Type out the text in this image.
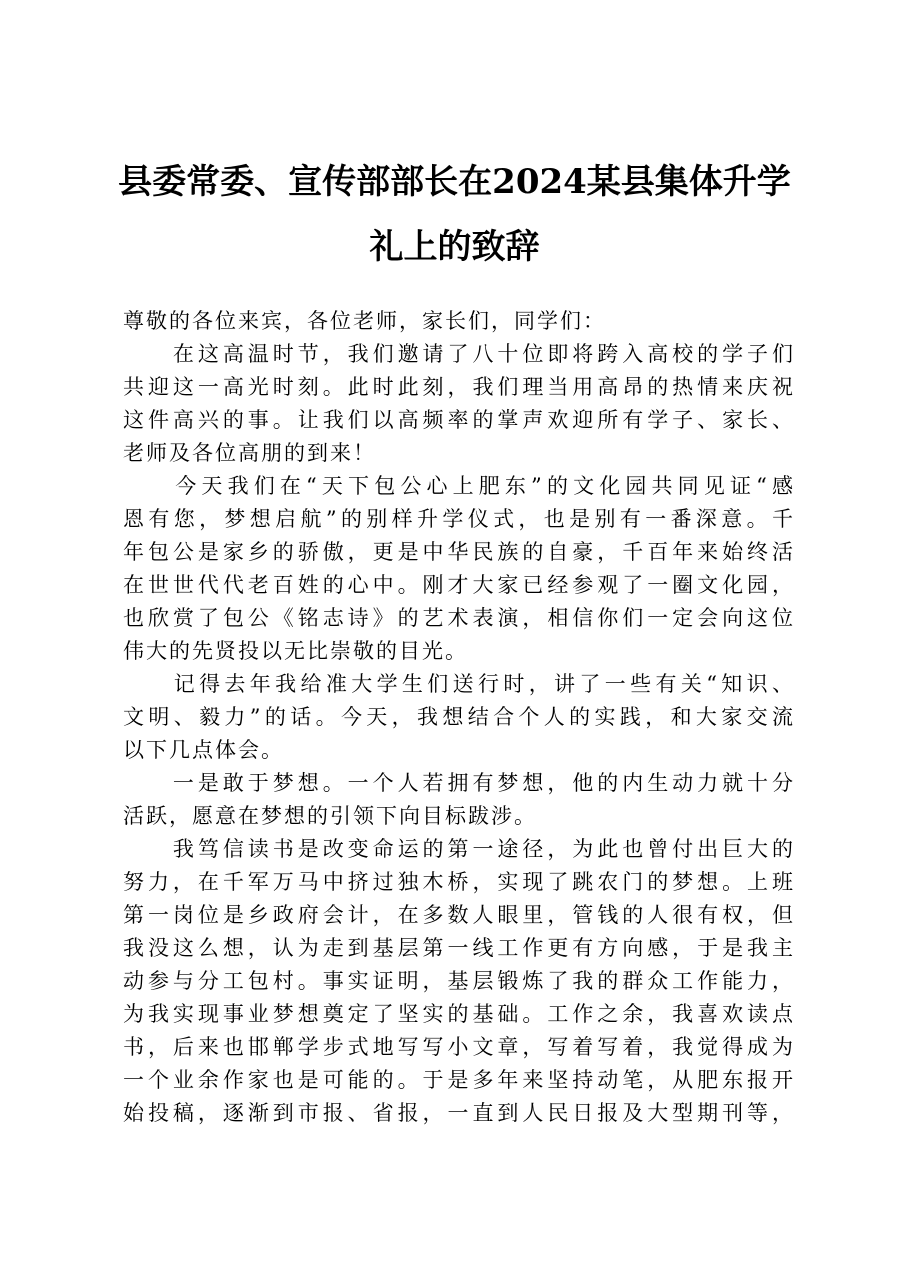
县委常委、宣传部部长在2024某县集体升学
礼上的致辞
尊敬的各位来宾，各位老师，家长们，同学们：
　　在这高温时节，我们邀请了八十位即将跨入高校的学子们
共迎这一高光时刻。此时此刻，我们理当用高昂的热情来庆祝
这件高兴的事。让我们以高频率的掌声欢迎所有学子、家长、
老师及各位高朋的到来！
　　今天我们在“天下包公心上肥东”的文化园共同见证“感
恩有您，梦想启航”的别样升学仪式，也是别有一番深意。千
年包公是家乡的骄傲，更是中华民族的自豪，千百年来始终活
在世世代代老百姓的心中。刚才大家已经参观了一圈文化园，
也欣赏了包公《铭志诗》的艺术表演，相信你们一定会向这位
伟大的先贤投以无比崇敬的目光。
　　记得去年我给准大学生们送行时，讲了一些有关“知识、
文明、毅力”的话。今天，我想结合个人的实践，和大家交流
以下几点体会。
　　一是敢于梦想。一个人若拥有梦想，他的内生动力就十分
活跃，愿意在梦想的引领下向目标跋涉。
　　我笃信读书是改变命运的第一途径，为此也曾付出巨大的
努力，在千军万马中挤过独木桥，实现了跳农门的梦想。上班
第一岗位是乡政府会计，在多数人眼里，管钱的人很有权，但
我没这么想，认为走到基层第一线工作更有方向感，于是我主
动参与分工包村。事实证明，基层锻炼了我的群众工作能力，
为我实现事业梦想奠定了坚实的基础。工作之余，我喜欢读点
书，后来也邯郸学步式地写写小文章，写着写着，我觉得成为
一个业余作家也是可能的。于是多年来坚持动笔，从肥东报开
始投稿，逐渐到市报、省报，一直到人民日报及大型期刊等，
